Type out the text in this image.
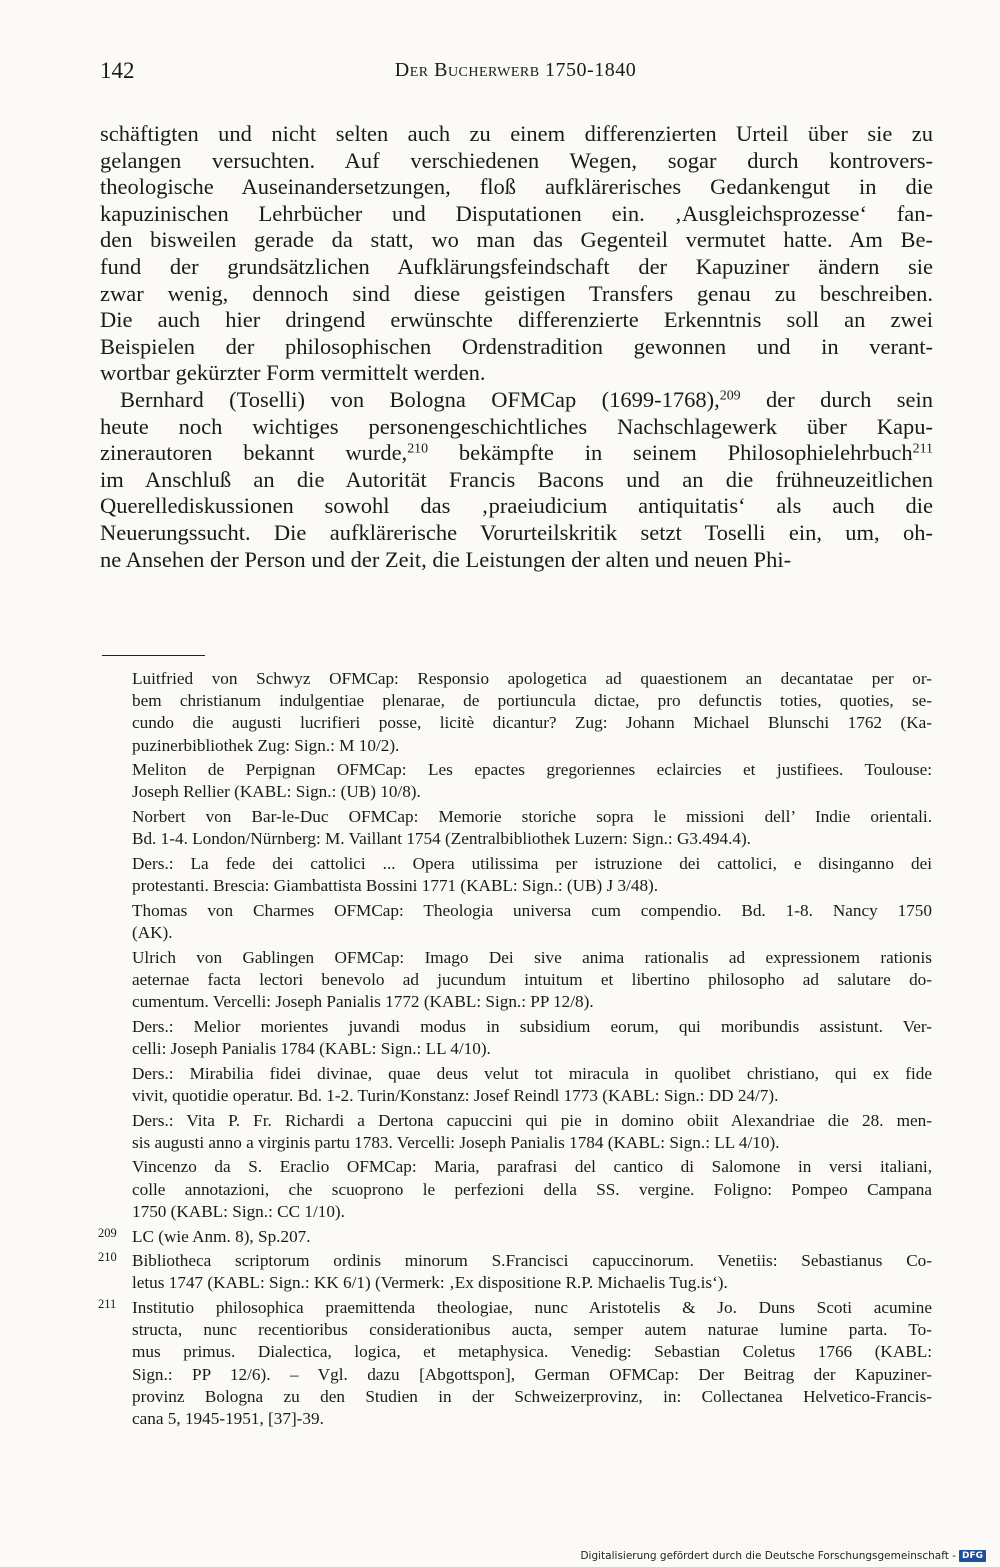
142	Der Bucherwerb 1750-1840
schäftigten und nicht selten auch zu einem differenzierten Urteil über sie zu
gelangen versuchten. Auf verschiedenen Wegen, sogar durch kontrovers-
theologische Auseinandersetzungen, floß aufklärerisches Gedankengut in die
kapuzinischen Lehrbücher und Disputationen ein. ‚Ausgleichsprozesse‘ fan-
den bisweilen gerade da statt, wo man das Gegenteil vermutet hatte. Am Be-
fund der grundsätzlichen Aufklärungsfeindschaft der Kapuziner ändern sie
zwar wenig, dennoch sind diese geistigen Transfers genau zu beschreiben.
Die auch hier dringend erwünschte differenzierte Erkenntnis soll an zwei
Beispielen der philosophischen Ordenstradition gewonnen und in verant-
wortbar gekürzter Form vermittelt werden.
Bernhard (Toselli) von Bologna OFMCap (1699-1768),$^{209}$ der durch sein
heute noch wichtiges personengeschichtliches Nachschlagewerk über Kapu-
zinerautoren bekannt wurde,$^{210}$ bekämpfte in seinem Philosophielehrbuch$^{211}$
im Anschluß an die Autorität Francis Bacons und an die frühneuzeitlichen
Querellediskussionen sowohl das ‚praeiudicium antiquitatis‘ als auch die
Neuerungssucht. Die aufklärerische Vorurteilskritik setzt Toselli ein, um, oh-
ne Ansehen der Person und der Zeit, die Leistungen der alten und neuen Phi-
Luitfried von Schwyz OFMCap: Responsio apologetica ad quaestionem an decantatae per or-
bem christianum indulgentiae plenarae, de portiuncula dictae, pro defunctis toties, quoties, se-
cundo die augusti lucrifieri posse, licitè dicantur? Zug: Johann Michael Blunschi 1762 (Ka-
puzinerbibliothek Zug: Sign.: M 10/2).
Meliton de Perpignan OFMCap: Les epactes gregoriennes eclaircies et justifiees. Toulouse:
Joseph Rellier (KABL: Sign.: (UB) 10/8).
Norbert von Bar-le-Duc OFMCap: Memorie storiche sopra le missioni dell’ Indie orientali.
Bd. 1-4. London/Nürnberg: M. Vaillant 1754 (Zentralbibliothek Luzern: Sign.: G3.494.4).
Ders.: La fede dei cattolici ... Opera utilissima per istruzione dei cattolici, e disinganno dei
protestanti. Brescia: Giambattista Bossini 1771 (KABL: Sign.: (UB) J 3/48).
Thomas von Charmes OFMCap: Theologia universa cum compendio. Bd. 1-8. Nancy 1750
(AK).
Ulrich von Gablingen OFMCap: Imago Dei sive anima rationalis ad expressionem rationis
aeternae facta lectori benevolo ad jucundum intuitum et libertino philosopho ad salutare do-
cumentum. Vercelli: Joseph Panialis 1772 (KABL: Sign.: PP 12/8).
Ders.: Melior morientes juvandi modus in subsidium eorum, qui moribundis assistunt. Ver-
celli: Joseph Panialis 1784 (KABL: Sign.: LL 4/10).
Ders.: Mirabilia fidei divinae, quae deus velut tot miracula in quolibet christiano, qui ex fide
vivit, quotidie operatur. Bd. 1-2. Turin/Konstanz: Josef Reindl 1773 (KABL: Sign.: DD 24/7).
Ders.: Vita P. Fr. Richardi a Dertona capuccini qui pie in domino obiit Alexandriae die 28. men-
sis augusti anno a virginis partu 1783. Vercelli: Joseph Panialis 1784 (KABL: Sign.: LL 4/10).
Vincenzo da S. Eraclio OFMCap: Maria, parafrasi del cantico di Salomone in versi italiani,
colle annotazioni, che scuoprono le perfezioni della SS. vergine. Foligno: Pompeo Campana
1750 (KABL: Sign.: CC 1/10).
209 LC (wie Anm. 8), Sp.207.
210 Bibliotheca scriptorum ordinis minorum S.Francisci capuccinorum. Venetiis: Sebastianus Co-
letus 1747 (KABL: Sign.: KK 6/1) (Vermerk: ‚Ex dispositione R.P. Michaelis Tug.is‘).
211 Institutio philosophica praemittenda theologiae, nunc Aristotelis & Jo. Duns Scoti acumine
structa, nunc recentioribus considerationibus aucta, semper autem naturae lumine parta. To-
mus primus. Dialectica, logica, et metaphysica. Venedig: Sebastian Coletus 1766 (KABL:
Sign.: PP 12/6). – Vgl. dazu [Abgottspon], German OFMCap: Der Beitrag der Kapuziner-
provinz Bologna zu den Studien in der Schweizerprovinz, in: Collectanea Helvetico-Francis-
cana 5, 1945-1951, [37]-39.
Digitalisierung gefördert durch die Deutsche Forschungsgemeinschaft - DFG
